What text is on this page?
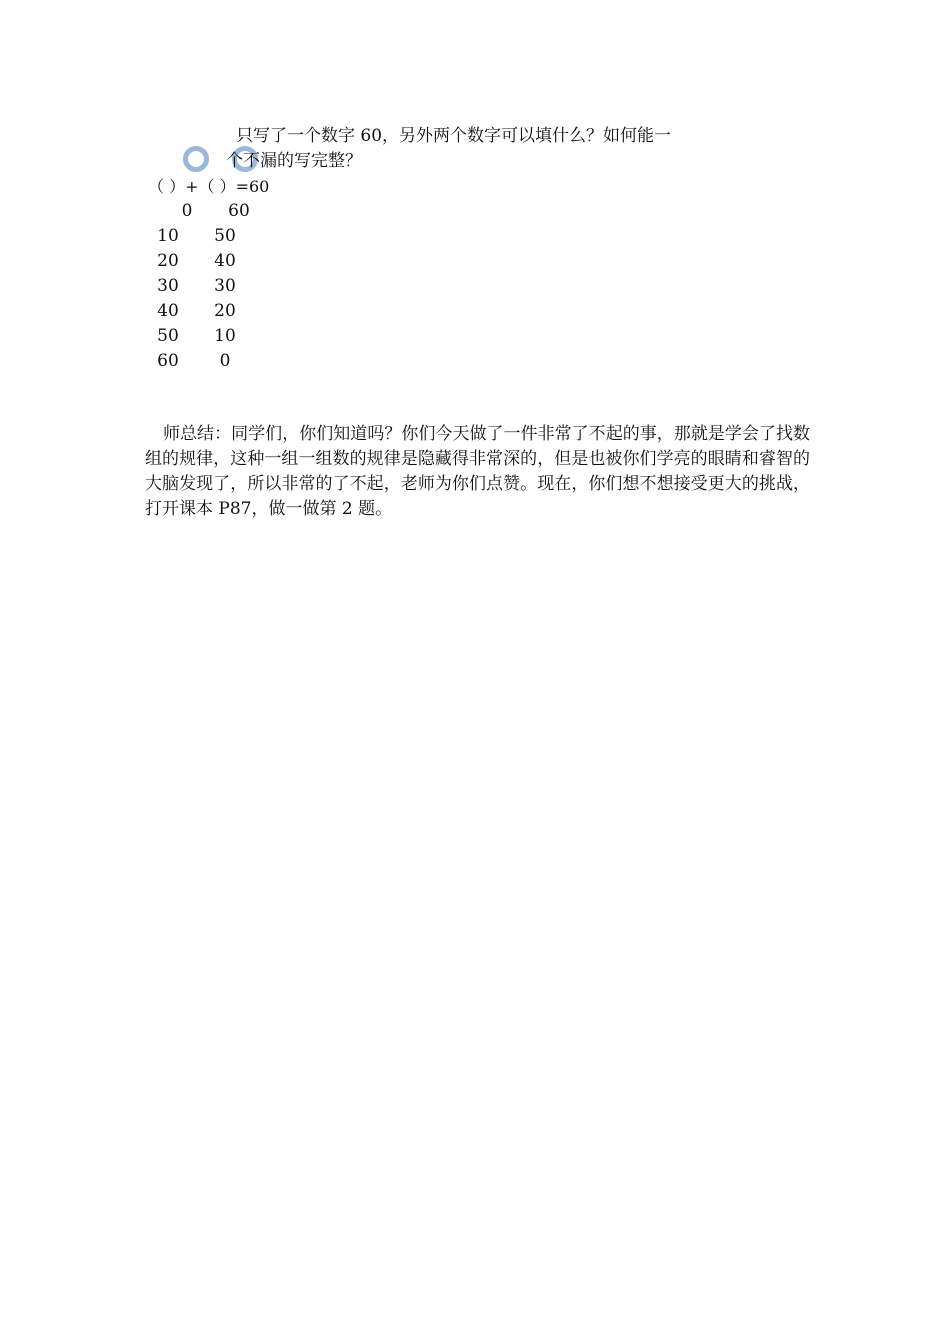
只写了一个数字 60，另外两个数字可以填什么？如何能一
个不漏的写完整？
（ ）+（ ）=60
0	60
10	50
20	40
30	30
40	20
50	10
60	0
师总结：同学们，你们知道吗？你们今天做了一件非常了不起的事，那就是学会了找数组的规律，这种一组一组数的规律是隐藏得非常深的，但是也被你们学亮的眼睛和睿智的大脑发现了，所以非常的了不起，老师为你们点赞。现在，你们想不想接受更大的挑战，打开课本 P87，做一做第 2 题。
